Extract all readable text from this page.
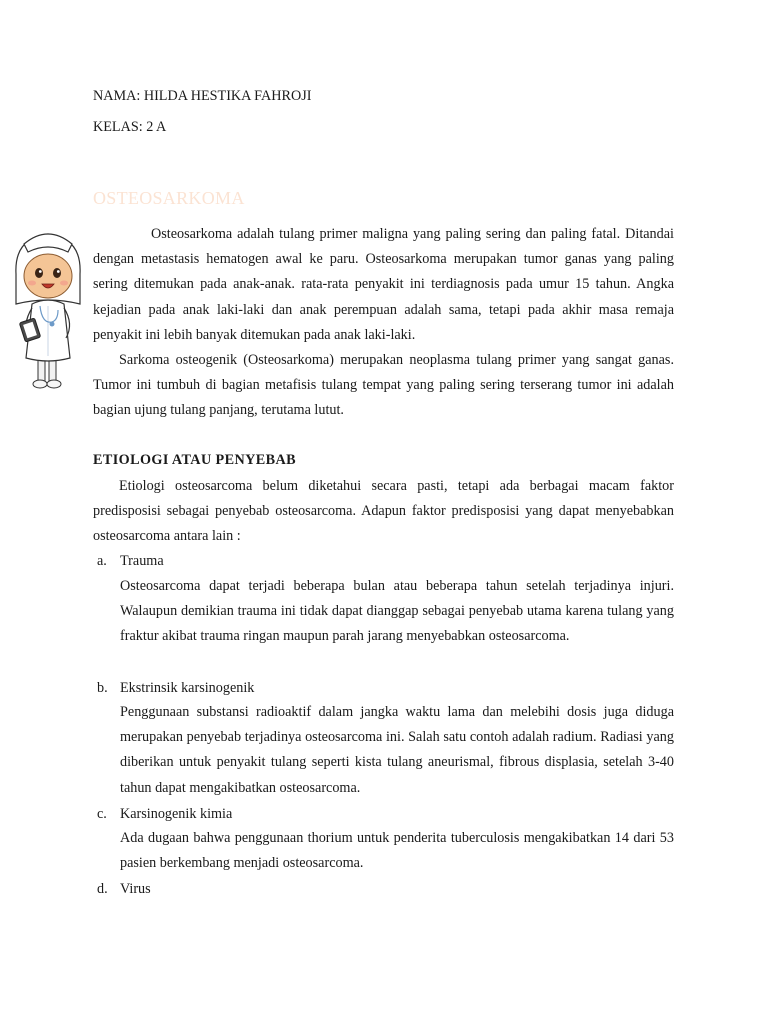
NAMA: HILDA HESTIKA FAHROJI
KELAS: 2 A
OSTEOSARKOMA

Osteosarkoma adalah tulang primer maligna yang paling sering dan paling fatal. Ditandai dengan metastasis hematogen awal ke paru. Osteosarkoma merupakan tumor ganas yang paling sering ditemukan pada anak-anak. rata-rata penyakit ini terdiagnosis pada umur 15 tahun. Angka kejadian pada anak laki-laki dan anak perempuan adalah sama, tetapi pada akhir masa remaja penyakit ini lebih banyak ditemukan pada anak laki-laki.

Sarkoma osteogenik (Osteosarkoma) merupakan neoplasma tulang primer yang sangat ganas. Tumor ini tumbuh di bagian metafisis tulang tempat yang paling sering terserang tumor ini adalah bagian ujung tulang panjang, terutama lutut.

ETIOLOGI ATAU PENYEBAB

Etiologi osteosarcoma belum diketahui secara pasti, tetapi ada berbagai macam faktor predisposisi sebagai penyebab osteosarcoma. Adapun faktor predisposisi yang dapat menyebabkan osteosarcoma antara lain :

a. Trauma

Osteosarcoma dapat terjadi beberapa bulan atau beberapa tahun setelah terjadinya injuri. Walaupun demikian trauma ini tidak dapat dianggap sebagai penyebab utama karena tulang yang fraktur akibat trauma ringan maupun parah jarang menyebabkan osteosarcoma.

b. Ekstrinsik karsinogenik

Penggunaan substansi radioaktif dalam jangka waktu lama dan melebihi dosis juga diduga merupakan penyebab terjadinya osteosarcoma ini. Salah satu contoh adalah radium. Radiasi yang diberikan untuk penyakit tulang seperti kista tulang aneurismal, fibrous displasia, setelah 3-40 tahun dapat mengakibatkan osteosarcoma.

c. Karsinogenik kimia

Ada dugaan bahwa penggunaan thorium untuk penderita tuberculosis mengakibatkan 14 dari 53 pasien berkembang menjadi osteosarcoma.

d. Virus
